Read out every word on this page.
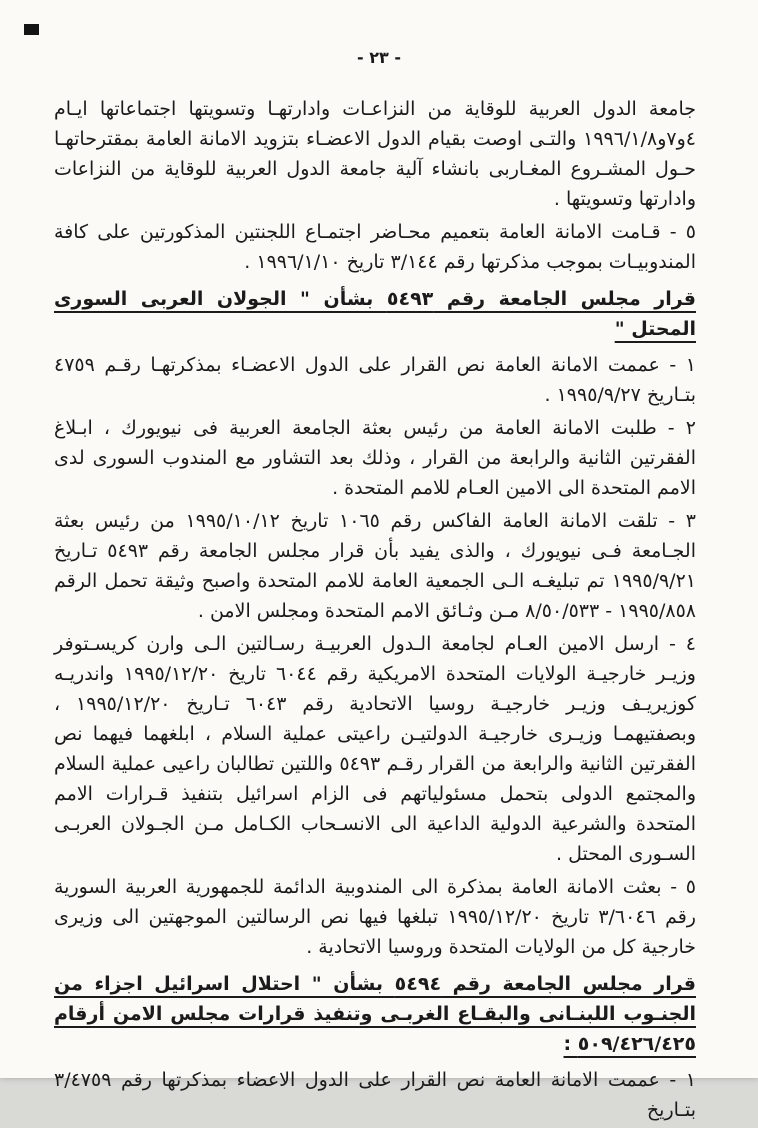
- ٢٣ -

جامعة الدول العربية للوقاية من النزاعـات وادارتهـا وتسويتها اجتماعاتها ايـام ٤و٧و١٩٩٦/١/٨ والتـى اوصت بقيام الدول الاعضـاء بتزويد الامانة العامة بمقترحاتهـا حـول المشـروع المغـاربى بانشاء آلية جامعة الدول العربية للوقاية من النزاعات وادارتها وتسويتها .

٥ - قـامت الامانة العامة بتعميم محـاضر اجتمـاع اللجنتين المذكورتين على كافة المندوبيـات بموجب مذكرتها رقم ٣/١٤٤ تاريخ ١٩٩٦/١/١٠ .

قرار مجلس الجامعة رقم ٥٤٩٣ بشأن " الجولان العربى السورى المحتل "

١ - عممت الامانة العامة نص القرار على الدول الاعضـاء بمذكرتهـا رقـم ٤٧٥٩ بتـاريخ ١٩٩٥/٩/٢٧ .

٢ - طلبت الامانة العامة من رئيس بعثة الجامعة العربية فى نيويورك ، ابـلاغ الفقرتين الثانية والرابعة من القرار ، وذلك بعد التشاور مع المندوب السورى لدى الامم المتحدة الى الامين العـام للامم المتحدة .

٣ - تلقت الامانة العامة الفاكس رقم ١٠٦٥ تاريخ ١٩٩٥/١٠/١٢ من رئيس بعثة الجـامعة فـى نيويورك ، والذى يفيد بأن قرار مجلس الجامعة رقم ٥٤٩٣ تـاريخ ١٩٩٥/٩/٢١ تم تبليغـه الـى الجمعية العامة للامم المتحدة واصبح وثيقة تحمل الرقم ١٩٩٥/٨٥٨ - ٨/٥٠/٥٣٣ مـن وثـائق الامم المتحدة ومجلس الامن .

٤ - ارسل الامين العـام لجامعة الـدول العربيـة رسـالتين الـى وارن كريسـتوفر وزيـر خارجيـة الولايات المتحدة الامريكية رقم ٦٠٤٤ تاريخ ١٩٩٥/١٢/٢٠ واندريـه كوزيريـف وزيـر خارجيـة روسيا الاتحادية رقم ٦٠٤٣ تـاريخ ١٩٩٥/١٢/٢٠ ، وبصفتيهمـا وزيـرى خارجيـة الدولتيـن راعيتى عملية السلام ، ابلغهما فيهما نص الفقرتين الثانية والرابعة من القرار رقـم ٥٤٩٣ واللتين تطالبان راعيى عملية السلام والمجتمع الدولى بتحمل مسئولياتهم فى الزام اسرائيل بتنفيذ قـرارات الامم المتحدة والشرعية الدولية الداعية الى الانسـحاب الكـامل مـن الجـولان العربـى السـورى المحتل .

٥ - بعثت الامانة العامة بمذكرة الى المندوبية الدائمة للجمهورية العربية السورية رقم ٣/٦٠٤٦ تاريخ ١٩٩٥/١٢/٢٠ تبلغها فيها نص الرسالتين الموجهتين الى وزيرى خارجية كل من الولايات المتحدة وروسيا الاتحادية .

قرار مجلس الجامعة رقم ٥٤٩٤ بشأن " احتلال اسرائيل اجزاء من الجنـوب اللبنـانى والبقـاع الغربـى وتنفيذ قرارات مجلس الامن أرقام ٥٠٩/٤٢٦/٤٢٥ :

١ - عممت الامانة العامة نص القرار على الدول الاعضاء بمذكرتها رقم ٣/٤٧٥٩ بتـاريخ
